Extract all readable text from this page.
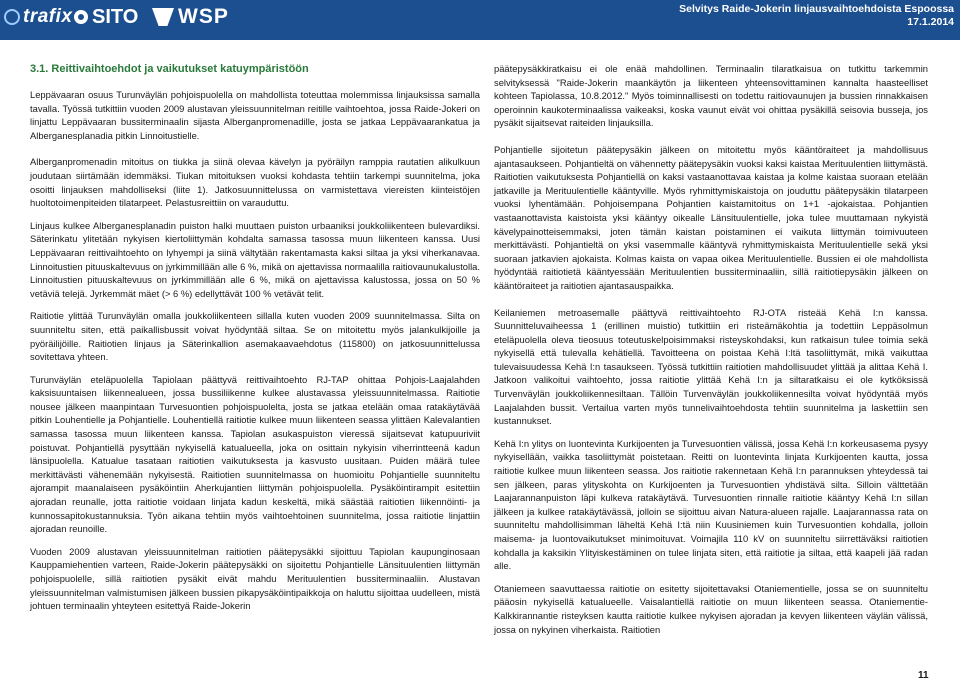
trafix SITO	WSP	Selvitys Raide-Jokerin linjausvaihtoehdoista Espoossa
17.1.2014
3.1. Reittivaihtoehdot ja vaikutukset katuympäristöön

Leppävaaran osuus Turunväylän pohjoispuolella on mahdollista toteuttaa molemmissa linjauksissa samalla tavalla. Työssä tutkittiin vuoden 2009 alustavan yleissuunnitelman reitille vaihtoehtoa, jossa Raide-Jokeri on linjattu Leppävaaran bussiterminaalin sijasta Alberganpromenadille, josta se jatkaa Leppävaarankatua ja Alberganesplanadia pitkin Linnoitustielle.

Alberganpromenadin mitoitus on tiukka ja siinä olevaa kävelyn ja pyöräilyn ramppia rautatien alikulkuun joudutaan siirtämään idemmäksi. Tiukan mitoituksen vuoksi kohdasta tehtiin tarkempi suunnitelma, joka osoitti linjauksen mahdolliseksi (liite 1). Jatkosuunnittelussa on varmistettava viereisten kiinteistöjen huoltotoimenpiteiden tilatarpeet. Pelastusreittiin on varauduttu.

Linjaus kulkee Alberganesplanadin puiston halki muuttaen puiston urbaaniksi joukkoliikenteen bulevardiksi. Säterinkatu ylitetään nykyisen kiertoliittymän kohdalta samassa tasossa muun liikenteen kanssa. Uusi Leppävaaran reittivaihtoehto on lyhyempi ja siinä vältytään rakentamasta kaksi siltaa ja yksi viherkanavaa. Linnoitustien pituuskaltevuus on jyrkimmillään alle 6 %, mikä on ajettavissa normaalilla raitiovaunukalustolla. Linnoitustien pituuskaltevuus on jyrkimmillään alle 6 %, mikä on ajettavissa kalustossa, jossa on 50 % vetäviä telejä. Jyrkemmät mäet (> 6 %) edellyttävät 100 % vetävät telit.

Raitiotie ylittää Turunväylän omalla joukkoliikenteen sillalla kuten vuoden 2009 suunnitelmassa. Silta on suunniteltu siten, että paikallisbussit voivat hyödyntää siltaa. Se on mitoitettu myös jalankulkijoille ja pyöräilijöille. Raitiotien linjaus ja Säterinkallion asemakaavaehdotus (115800) on jatkosuunnittelussa sovitettava yhteen.

Turunväylän eteläpuolella Tapiolaan päättyvä reittivaihtoehto RJ-TAP ohittaa Pohjois-Laajalahden kaksisuuntaisen liikennealueen, jossa bussiliikenne kulkee alustavassa yleissuunnitelmassa. Raitiotie nousee jälkeen maanpintaan Turvesuontien pohjoispuolelta, josta se jatkaa etelään omaa ratakäytävää pitkin Louhentielle ja Pohjantielle. Louhentiellä raitiotie kulkee muun liikenteen seassa ylittäen Kalevalantien samassa tasossa muun liikenteen kanssa. Tapiolan asukaspuiston vieressä sijaitsevat katupuuriviit poistuvat. Pohjantiellä pysyttään nykyisellä katualueella, joka on osittain nykyisin viherrintteenä kadun länsipuolella. Katualue tasataan raitiotien vaikutuksesta ja kasvusto uusitaan. Puiden määrä tulee merkittävästi vähenemään nykyisestä. Raitiotien suunnitelmassa on huomioitu Pohjantielle suunniteltu ajorampit maanalaiseen pysäköintiin Aherkujantien liittymän pohjoispuolella. Pysäköintirampit esitettiin ajoradan reunalle, jotta raitiotie voidaan linjata kadun keskeltä, mikä säästää raitiotien liikennöinti- ja kunnossapitokustannuksia. Työn aikana tehtiin myös vaihtoehtoinen suunnitelma, jossa raitiotie linjattiin ajoradan reunoille.

Vuoden 2009 alustavan yleissuunnitelman raitiotien päätepysäkki sijoittuu Tapiolan kaupunginosaan Kauppamiehentien varteen, Raide-Jokerin päätepysäkki on sijoitettu Pohjantielle Länsituulentien liittymän pohjoispuolelle, sillä raitiotien pysäkit eivät mahdu Merituulentien bussiterminaaliin. Alustavan yleissuunnitelman valmistumisen jälkeen bussien pikapysäköintipaikkoja on haluttu sijoittaa uudelleen, mistä johtuen terminaalin yhteyteen esitettyä Raide-Jokerin

päätepysäkkiratkaisu ei ole enää mahdollinen. Terminaalin tilaratkaisua on tutkittu tarkemmin selvityksessä "Raide-Jokerin maankäytön ja liikenteen yhteensovittaminen kannalta haasteelliset kohteen Tapiolassa, 10.8.2012." Myös toiminnallisesti on todettu raitiovaunujen ja bussien rinnakkaisen operoinnin kaukoterminaalissa vaikeaksi, koska vaunut eivät voi ohittaa pysäkillä seisovia busseja, jos pysäkit sijaitsevat raiteiden linjauksilla.

Pohjantielle sijoitetun päätepysäkin jälkeen on mitoitettu myös kääntöraiteet ja mahdollisuus ajantasaukseen. Pohjantieltä on vähennetty päätepysäkin vuoksi kaksi kaistaa Merituulentien liittymästä. Raitiotien vaikutuksesta Pohjantiellä on kaksi vastaanottavaa kaistaa ja kolme kaistaa suoraan etelään jatkaville ja Merituulentielle kääntyville. Myös ryhmittymiskaistoja on jouduttu päätepysäkin tilatarpeen vuoksi lyhentämään. Pohjoisempana Pohjantien kaistamitoitus on 1+1 -ajokaistaa. Pohjantien vastaanottavista kaistoista yksi kääntyy oikealle Länsituulentielle, joka tulee muuttamaan nykyistä kävelypainotteisemmaksi, joten tämän kaistan poistaminen ei vaikuta liittymän toimivuuteen merkittävästi. Pohjantieltä on yksi vasemmalle kääntyvä ryhmittymiskaista Merituulentielle sekä yksi suoraan jatkavien ajokaista. Kolmas kaista on vapaa oikea Merituulentielle. Bussien ei ole mahdollista hyödyntää raitiotietä kääntyessään Merituulentien bussiterminaaliin, sillä raitiotiepysäkin jälkeen on kääntöraiteet ja raitiotien ajantasauspaikka.

Keilaniemen metroasemalle päättyvä reittivaihtoehto RJ-OTA risteää Kehä I:n kanssa. Suunnitteluvaiheessa 1 (erillinen muistio) tutkittiin eri risteämäkohtia ja todettiin Leppäsolmun eteläpuolella oleva tieosuus toteutuskelpoisimmaksi risteyskohdaksi, kun ratkaisun tulee toimia sekä nykyisellä että tulevalla kehätiellä. Tavoitteena on poistaa Kehä I:ltä tasoliittymät, mikä vaikuttaa tulevaisuudessa Kehä I:n tasaukseen. Työssä tutkittiin raitiotien mahdollisuudet ylittää ja alittaa Kehä I. Jatkoon valikoitui vaihtoehto, jossa raitiotie ylittää Kehä I:n ja siltaratkaisu ei ole kytköksissä Turvenväylän joukkoliikennesiltaan. Tällöin Turvenväylän joukkoliikennesilta voivat hyödyntää myös Laajalahden bussit. Vertailua varten myös tunnelivaihtoehdosta tehtiin suunnitelma ja laskettiin sen kustannukset.

Kehä I:n ylitys on luontevinta Kurkijoenten ja Turvesuontien välissä, jossa Kehä I:n korkeusasema pysyy nykyisellään, vaikka tasoliittymät poistetaan. Reitti on luontevinta linjata Kurkijoenten kautta, jossa raitiotie kulkee muun liikenteen seassa. Jos raitiotie rakennetaan Kehä I:n parannuksen yhteydessä tai sen jälkeen, paras ylityskohta on Kurkijoenten ja Turvesuontien yhdistävä silta. Silloin välttetään Laajarannanpuiston läpi kulkeva ratakäytävä. Turvesuontien rinnalle raitiotie kääntyy Kehä I:n sillan jälkeen ja kulkee ratakäytävässä, jolloin se sijoittuu aivan Natura-alueen rajalle. Laajarannassa rata on suunniteltu mahdollisimman läheltä Kehä I:tä niin Kuusiniemen kuin Turvesuontien kohdalla, jolloin maisema- ja luontovaikutukset minimoituvat. Voimajila 110 kV on suunniteltu siirrettäväksi raitiotien kohdalla ja kaksikin Ylityiskestäminen on tulee linjata siten, että raitiotie ja siltaa, että kaapeli jää radan alle.

Otaniemeen saavuttaessa raitiotie on esitetty sijoitettavaksi Otaniementielle, jossa se on suunniteltu pääosin nykyisellä katualueelle. Vaisalantiellä raitiotie on muun liikenteen seassa. Otaniementie-Kalkkirannantie risteyksen kautta raitiotie kulkee nykyisen ajoradan ja kevyen liikenteen väylän välissä, jossa on nykyinen viherkaista. Raitiotien

11
